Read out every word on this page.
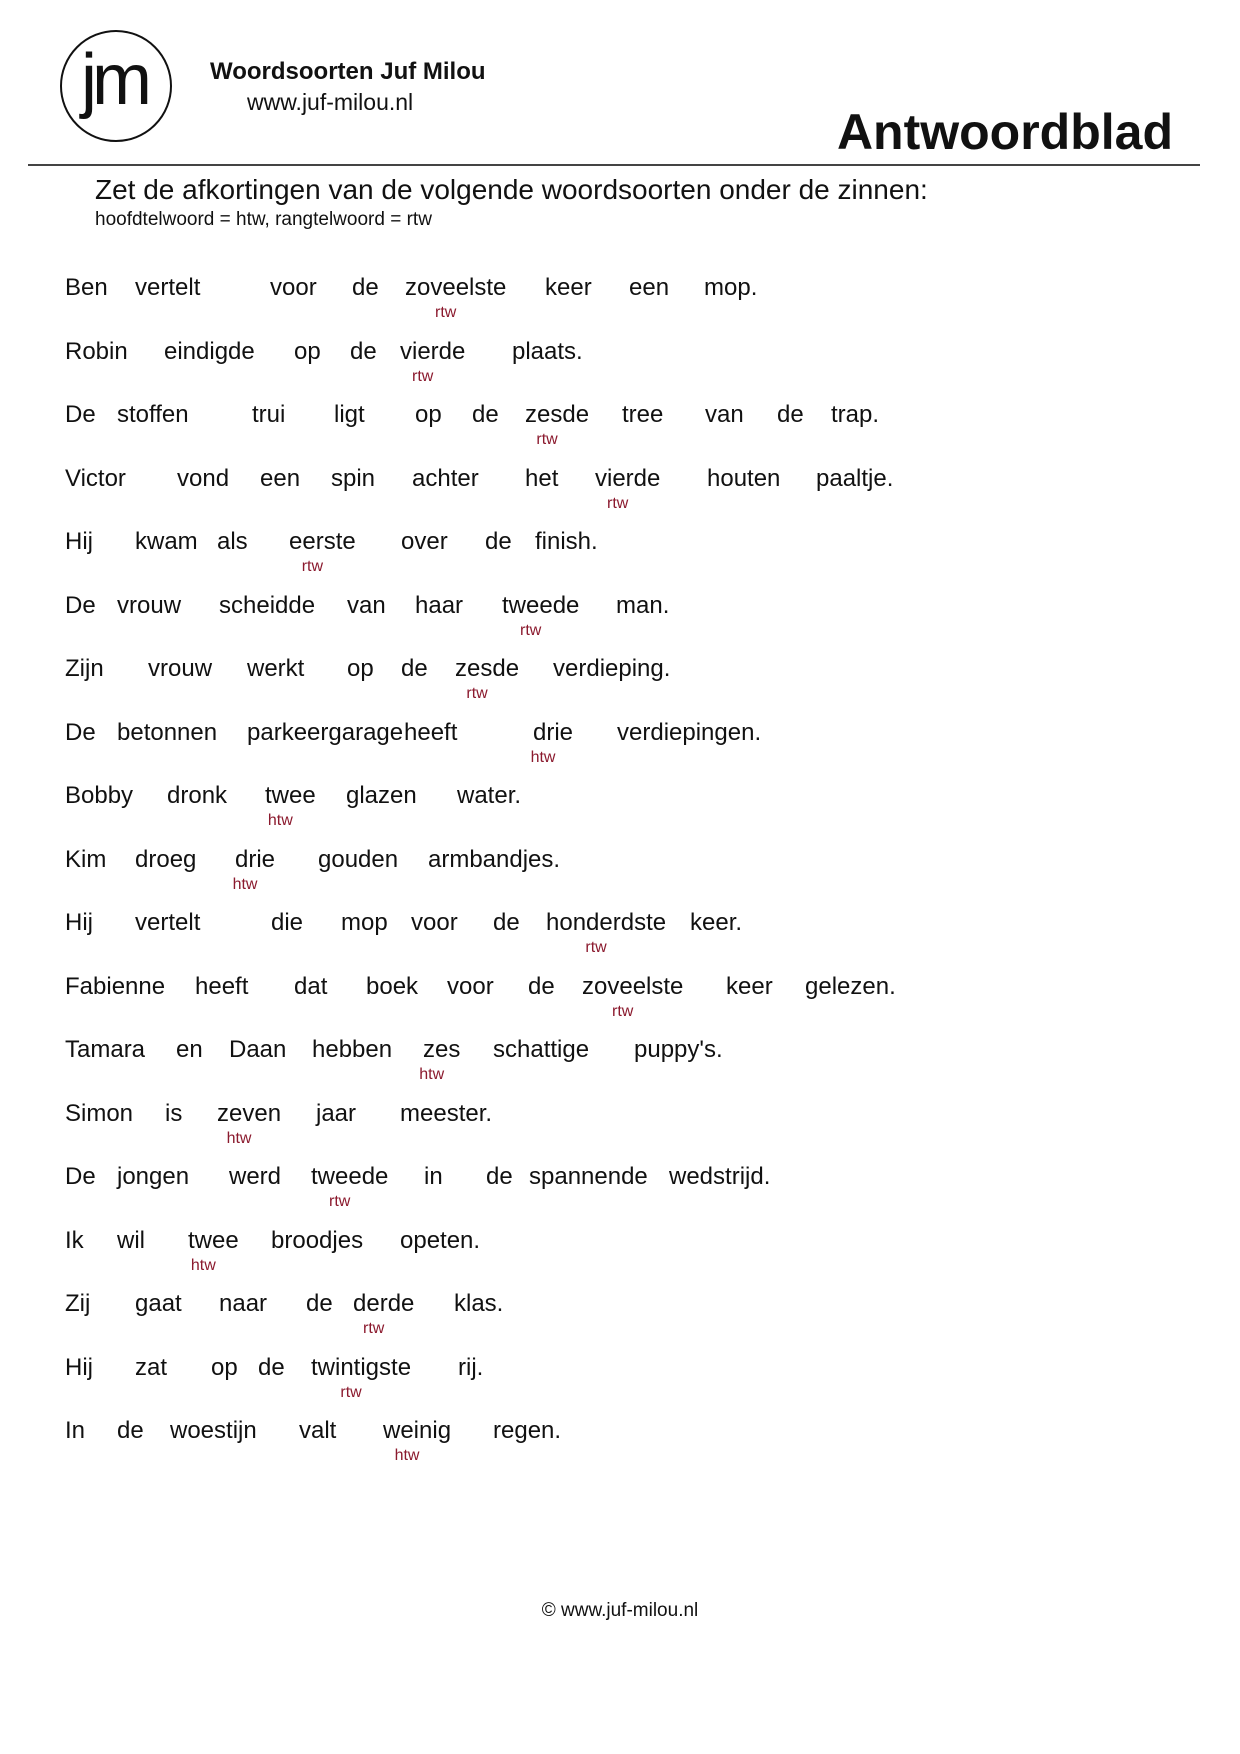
jm	Woordsoorten Juf Milou
www.juf-milou.nl
Antwoordblad
Zet de afkortingen van de volgende woordsoorten onder de zinnen:
hoofdtelwoord = htw, rangtelwoord = rtw
Ben vertelt	voor de zoveelste keer een mop.
rtw
Robin eindigde op de vierde plaats.
rtw
De stoffen	trui ligt op de zesde tree van de trap.
rtw
Victor vond een spin achter het vierde houten paaltje.
rtw
Hij kwam als eerste over de finish.
rtw
De vrouw scheidde van haar tweede man.
rtw
Zijn vrouw werkt op de zesde verdieping.
rtw
De betonnen parkeergarage heeft	drie verdiepingen.
htw
Bobby dronk twee glazen water.
htw
Kim droeg drie gouden armbandjes.
htw
Hij vertelt	die mop voor de honderdste keer.
rtw
Fabienne heeft dat boek voor de zoveelste keer gelezen.
rtw
Tamara en Daan hebben zes schattige puppy's.
htw
Simon is zeven jaar meester.
htw
De jongen werd tweede in de spannende wedstrijd.
rtw
Ik wil twee broodjes opeten.
htw
Zij gaat naar de derde klas.
rtw
Hij zat op de twintigste rij.
rtw
In de woestijn valt weinig regen.
htw
© www.juf-milou.nl
